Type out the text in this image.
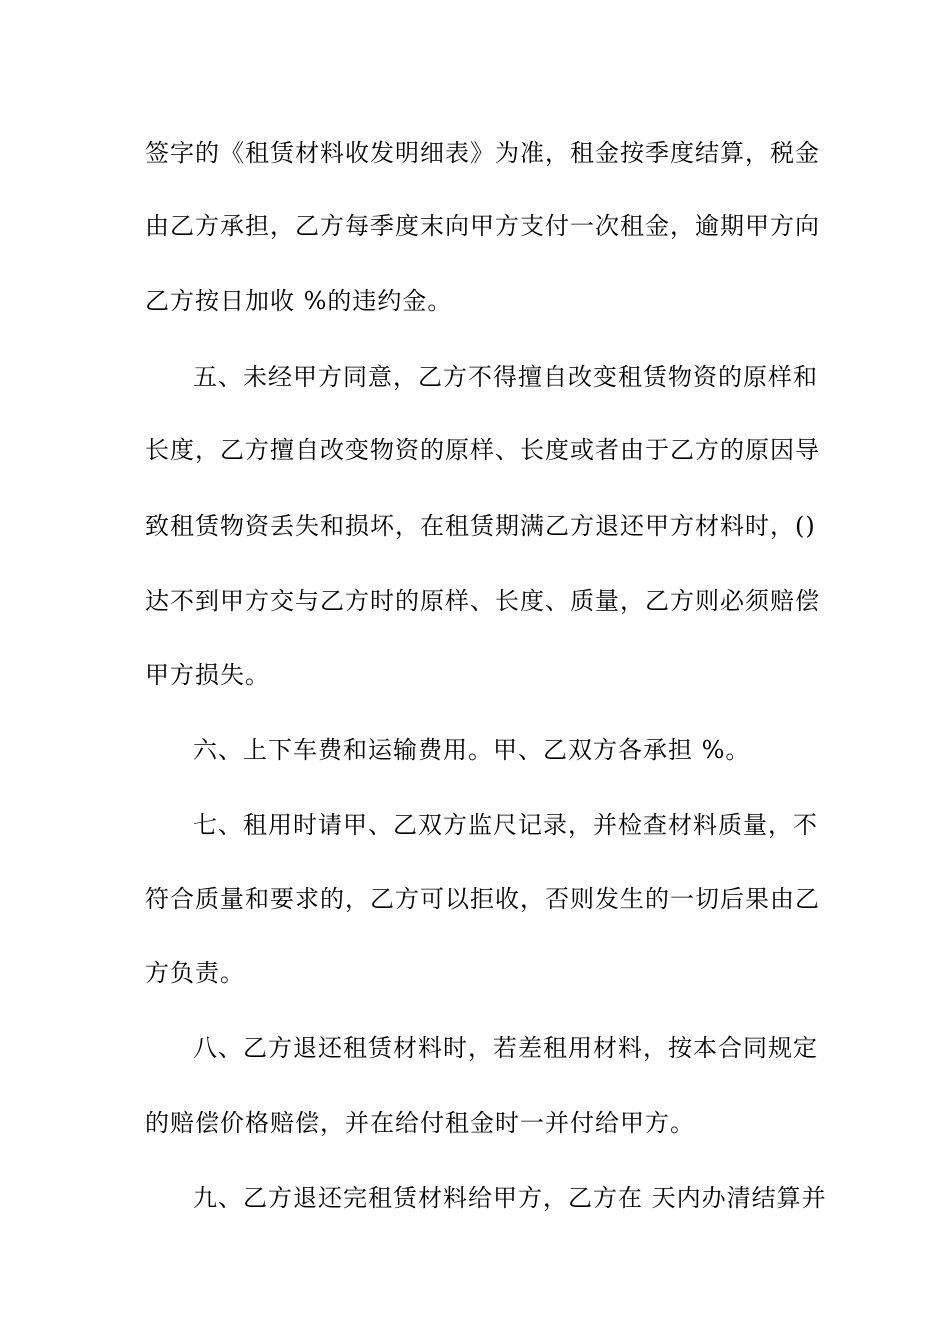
签字的《租赁材料收发明细表》为准，租金按季度结算，税金
由乙方承担，乙方每季度末向甲方支付一次租金，逾期甲方向
乙方按日加收 %的违约金。
五、未经甲方同意，乙方不得擅自改变租赁物资的原样和
长度，乙方擅自改变物资的原样、长度或者由于乙方的原因导
致租赁物资丢失和损坏，在租赁期满乙方退还甲方材料时，()
达不到甲方交与乙方时的原样、长度、质量，乙方则必须赔偿
甲方损失。
六、上下车费和运输费用。甲、乙双方各承担 %。
七、租用时请甲、乙双方监尺记录，并检查材料质量，不
符合质量和要求的，乙方可以拒收，否则发生的一切后果由乙
方负责。
八、乙方退还租赁材料时，若差租用材料，按本合同规定
的赔偿价格赔偿，并在给付租金时一并付给甲方。
九、乙方退还完租赁材料给甲方，乙方在 天内办清结算并
